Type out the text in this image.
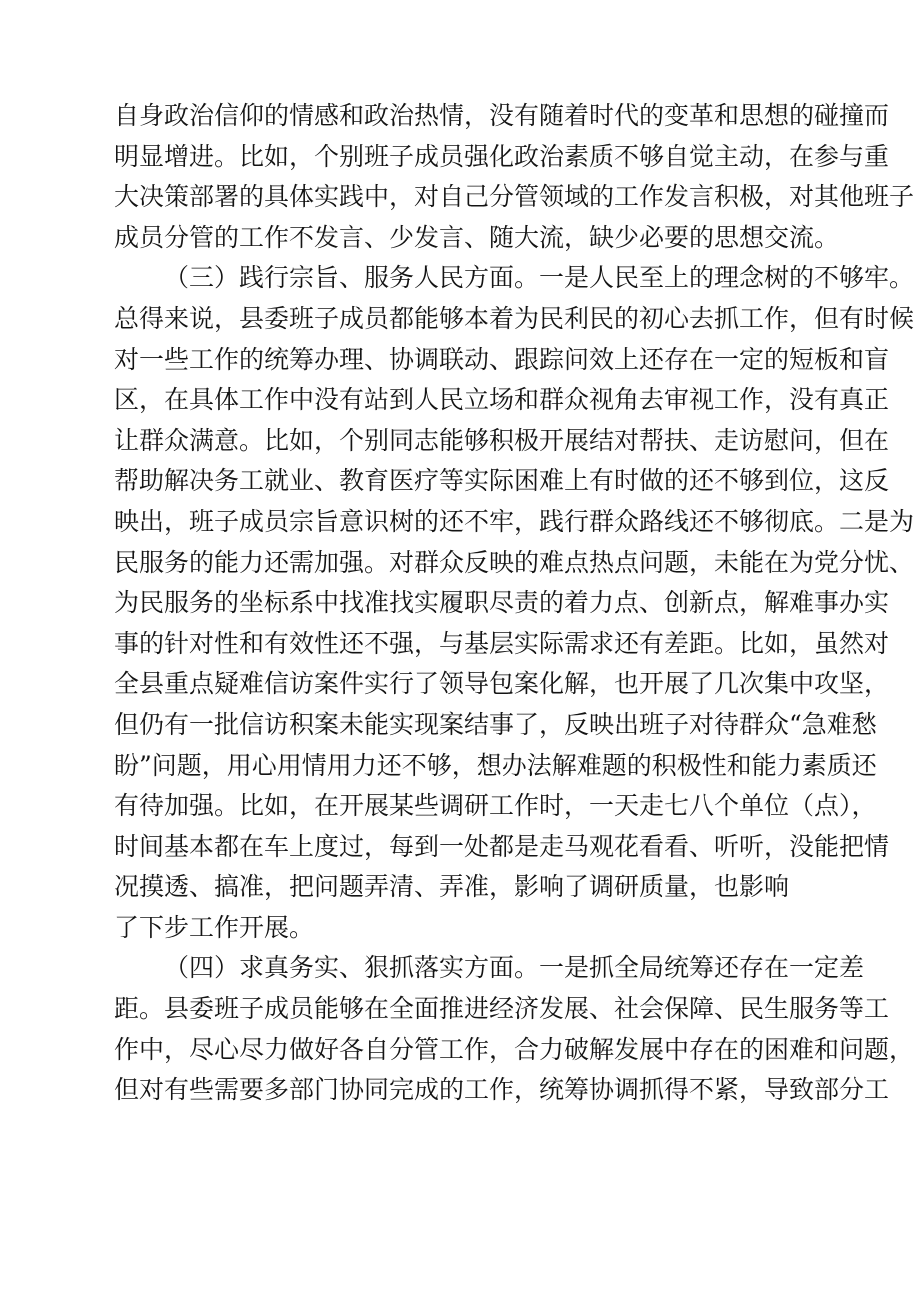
自身政治信仰的情感和政治热情，没有随着时代的变革和思想的碰撞而
明显增进。比如，个别班子成员强化政治素质不够自觉主动，在参与重
大决策部署的具体实践中，对自己分管领域的工作发言积极，对其他班子
成员分管的工作不发言、少发言、随大流，缺少必要的思想交流。
（三）践行宗旨、服务人民方面。一是人民至上的理念树的不够牢。
总得来说，县委班子成员都能够本着为民利民的初心去抓工作，但有时候
对一些工作的统筹办理、协调联动、跟踪问效上还存在一定的短板和盲
区，在具体工作中没有站到人民立场和群众视角去审视工作，没有真正
让群众满意。比如，个别同志能够积极开展结对帮扶、走访慰问，但在
帮助解决务工就业、教育医疗等实际困难上有时做的还不够到位，这反
映出，班子成员宗旨意识树的还不牢，践行群众路线还不够彻底。二是为
民服务的能力还需加强。对群众反映的难点热点问题，未能在为党分忧、
为民服务的坐标系中找准找实履职尽责的着力点、创新点，解难事办实
事的针对性和有效性还不强，与基层实际需求还有差距。比如，虽然对
全县重点疑难信访案件实行了领导包案化解，也开展了几次集中攻坚，
但仍有一批信访积案未能实现案结事了，反映出班子对待群众“急难愁
盼”问题，用心用情用力还不够，想办法解难题的积极性和能力素质还
有待加强。比如，在开展某些调研工作时，一天走七八个单位（点），
时间基本都在车上度过，每到一处都是走马观花看看、听听，没能把情
况摸透、搞准，把问题弄清、弄准，影响了调研质量，也影响
了下步工作开展。
（四）求真务实、狠抓落实方面。一是抓全局统筹还存在一定差
距。县委班子成员能够在全面推进经济发展、社会保障、民生服务等工
作中，尽心尽力做好各自分管工作，合力破解发展中存在的困难和问题，
但对有些需要多部门协同完成的工作，统筹协调抓得不紧，导致部分工
